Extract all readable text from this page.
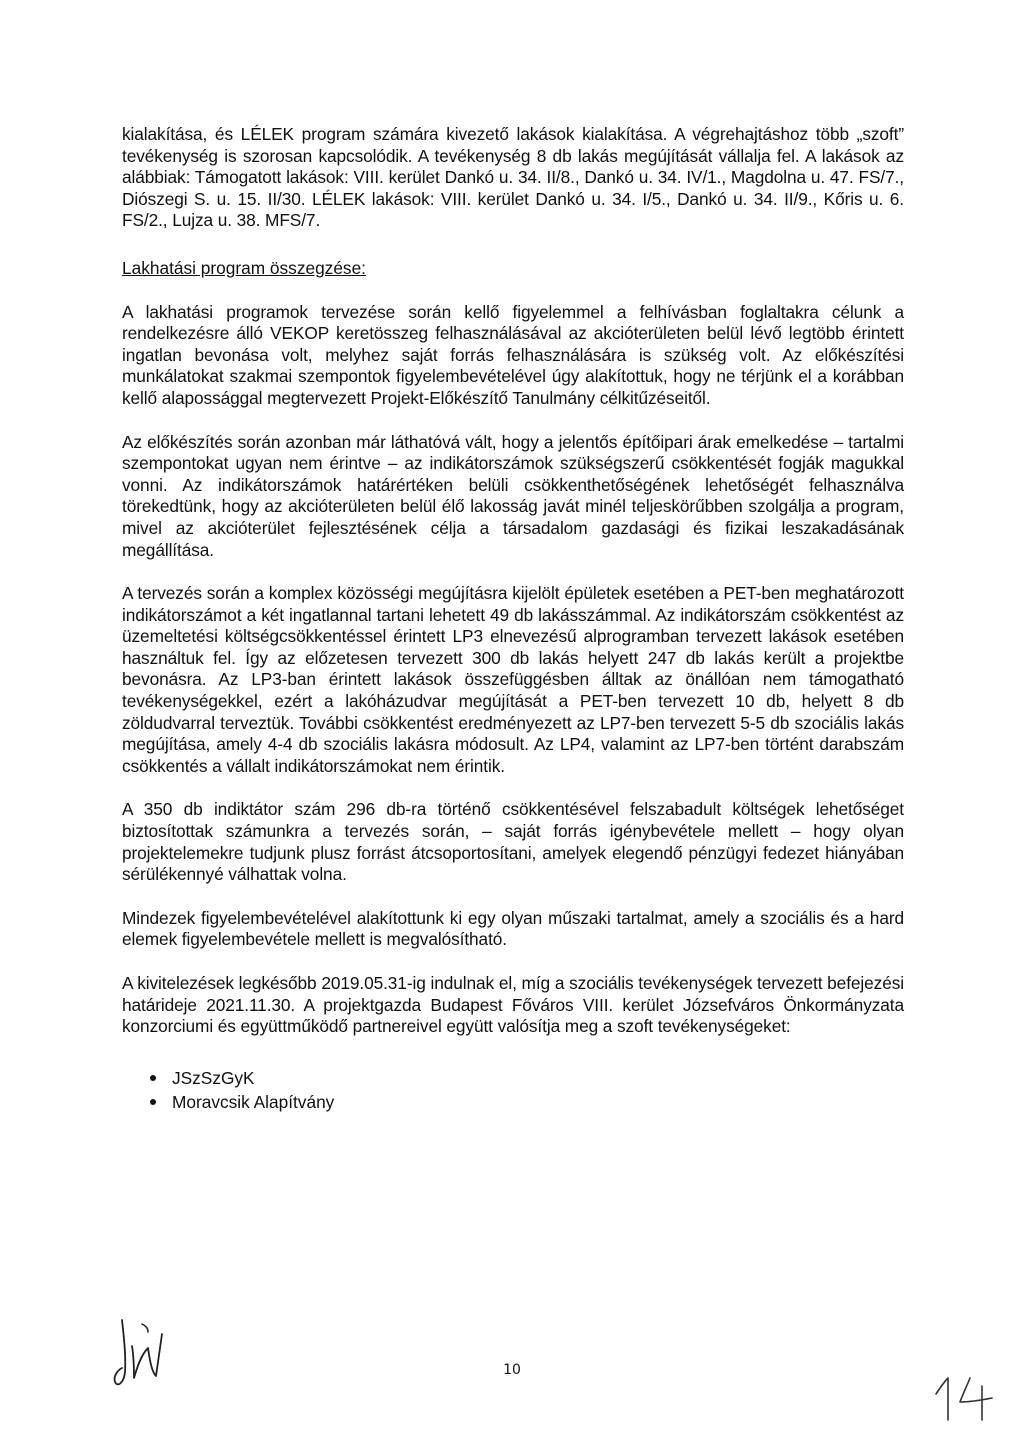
kialakítása, és LÉLEK program számára kivezető lakások kialakítása. A végrehajtáshoz több „szoft” tevékenység is szorosan kapcsolódik. A tevékenység 8 db lakás megújítását vállalja fel. A lakások az alábbiak: Támogatott lakások: VIII. kerület Dankó u. 34. II/8., Dankó u. 34. IV/1., Magdolna u. 47. FS/7., Diószegi S. u. 15. II/30. LÉLEK lakások: VIII. kerület Dankó u. 34. I/5., Dankó u. 34. II/9., Kőris u. 6. FS/2., Lujza u. 38. MFS/7.

Lakhatási program összegzése:

A lakhatási programok tervezése során kellő figyelemmel a felhívásban foglaltakra célunk a rendelkezésre álló VEKOP keretösszeg felhasználásával az akcióterületen belül lévő legtöbb érintett ingatlan bevonása volt, melyhez saját forrás felhasználására is szükség volt. Az előkészítési munkálatokat szakmai szempontok figyelembevételével úgy alakítottuk, hogy ne térjünk el a korábban kellő alapossággal megtervezett Projekt-Előkészítő Tanulmány célkitűzéseitől.

Az előkészítés során azonban már láthatóvá vált, hogy a jelentős építőipari árak emelkedése – tartalmi szempontokat ugyan nem érintve – az indikátorszámok szükségszerű csökkentését fogják magukkal vonni. Az indikátorszámok határértéken belüli csökkenthetőségének lehetőségét felhasználva törekedtünk, hogy az akcióterületen belül élő lakosság javát minél teljeskörűbben szolgálja a program, mivel az akcióterület fejlesztésének célja a társadalom gazdasági és fizikai leszakadásának megállítása.

A tervezés során a komplex közösségi megújításra kijelölt épületek esetében a PET-ben meghatározott indikátorszámot a két ingatlannal tartani lehetett 49 db lakásszámmal. Az indikátorszám csökkentést az üzemeltetési költségcsökkentéssel érintett LP3 elnevezésű alprogramban tervezett lakások esetében használtuk fel. Így az előzetesen tervezett 300 db lakás helyett 247 db lakás került a projektbe bevonásra. Az LP3-ban érintett lakások összefüggésben álltak az önállóan nem támogatható tevékenységekkel, ezért a lakóházudvar megújítását a PET-ben tervezett 10 db, helyett 8 db zöldudvarral terveztük. További csökkentést eredményezett az LP7-ben tervezett 5-5 db szociális lakás megújítása, amely 4-4 db szociális lakásra módosult. Az LP4, valamint az LP7-ben történt darabszám csökkentés a vállalt indikátorszámokat nem érintik.

A 350 db indiktátor szám 296 db-ra történő csökkentésével felszabadult költségek lehetőséget biztosítottak számunkra a tervezés során, – saját forrás igénybevétele mellett – hogy olyan projektelemekre tudjunk plusz forrást átcsoportosítani, amelyek elegendő pénzügyi fedezet hiányában sérülékennyé válhattak volna.

Mindezek figyelembevételével alakítottunk ki egy olyan műszaki tartalmat, amely a szociális és a hard elemek figyelembevétele mellett is megvalósítható.

A kivitelezések legkésőbb 2019.05.31-ig indulnak el, míg a szociális tevékenységek tervezett befejezési határideje 2021.11.30. A projektgazda Budapest Főváros VIII. kerület Józsefváros Önkormányzata konzorciumi és együttműködő partnereivel együtt valósítja meg a szoft tevékenységeket:

JSzSzGyK
Moravcsik Alapítvány
10
